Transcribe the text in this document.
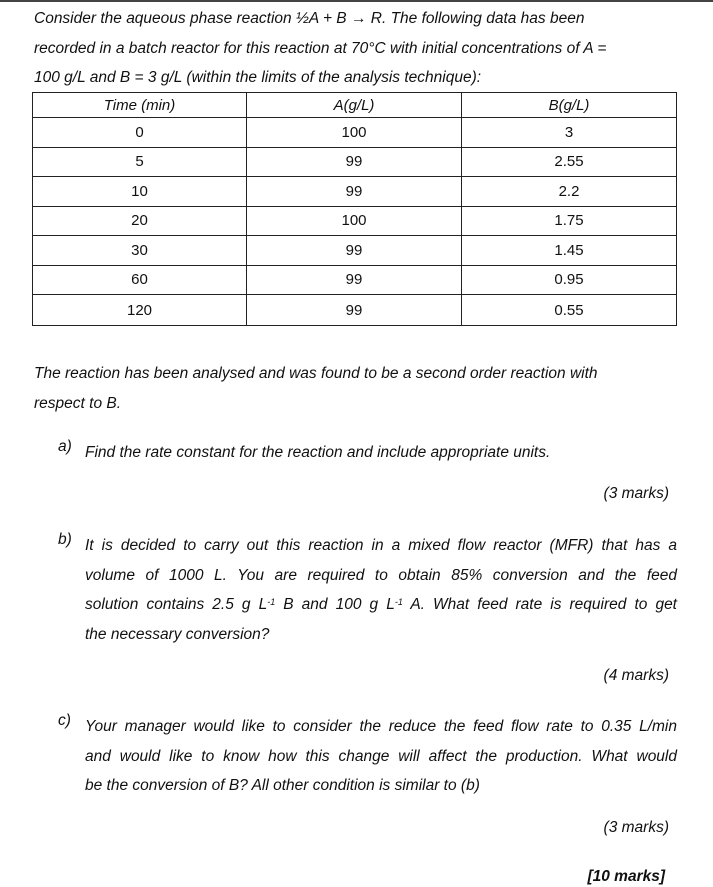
Consider the aqueous phase reaction ½A + B → R. The following data has been
recorded in a batch reactor for this reaction at 70°C with initial concentrations of A =
100 g/L and B = 3 g/L (within the limits of the analysis technique):
Time (min)	A(g/L)	B(g/L)
0	100	3
5	99	2.55
10	99	2.2
20	100	1.75
30	99	1.45
60	99	0.95
120	99	0.55
The reaction has been analysed and was found to be a second order reaction with
respect to B.
a) Find the rate constant for the reaction and include appropriate units.
(3 marks)
b) It is decided to carry out this reaction in a mixed flow reactor (MFR) that has a
volume of 1000 L. You are required to obtain 85% conversion and the feed
solution contains 2.5 g $L^{-1}$ B and 100 g $L^{-1}$ A. What feed rate is required to get
the necessary conversion?
(4 marks)
c) Your manager would like to consider the reduce the feed flow rate to 0.35 L/min
and would like to know how this change will affect the production. What would
be the conversion of B? All other condition is similar to (b)
(3 marks)
[10 marks]
